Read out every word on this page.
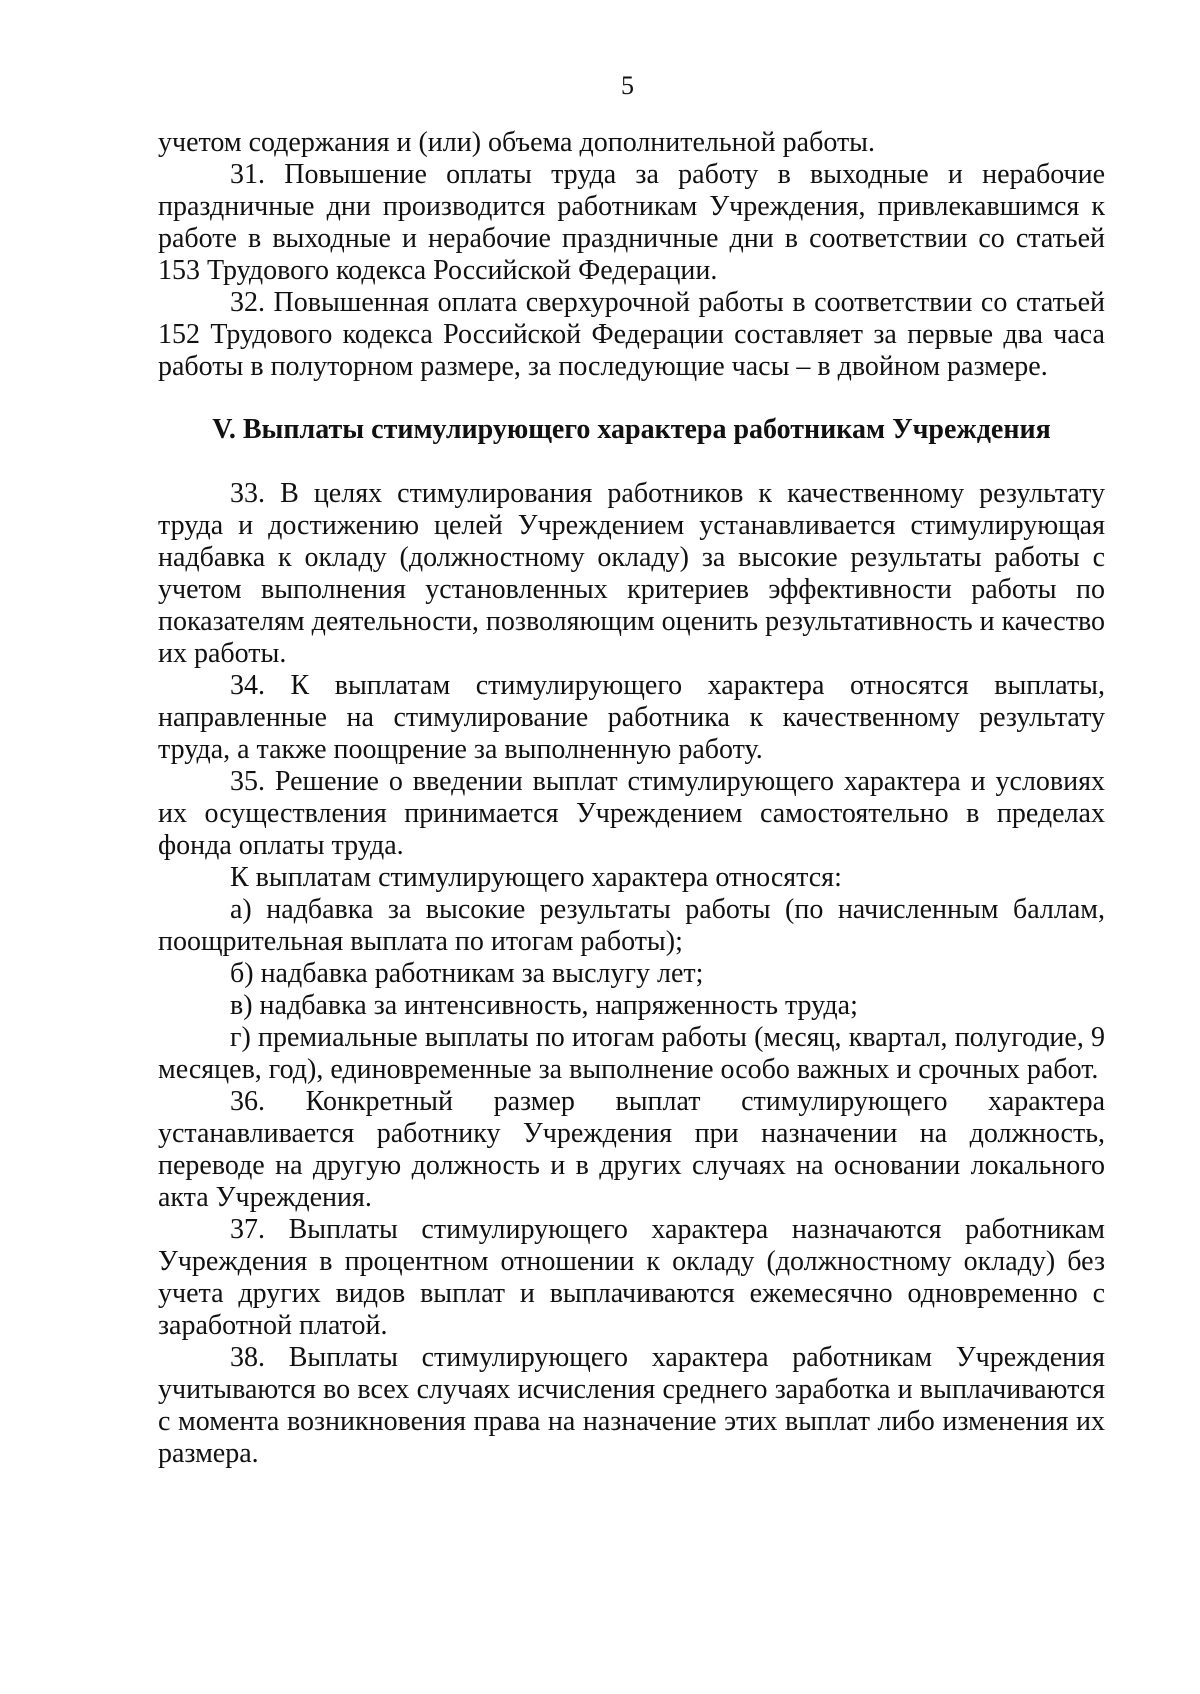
5

учетом содержания и (или) объема дополнительной работы.

31. Повышение оплаты труда за работу в выходные и нерабочие праздничные дни производится работникам Учреждения, привлекавшимся к работе в выходные и нерабочие праздничные дни в соответствии со статьей 153 Трудового кодекса Российской Федерации.

32. Повышенная оплата сверхурочной работы в соответствии со статьей 152 Трудового кодекса Российской Федерации составляет за первые два часа работы в полуторном размере, за последующие часы – в двойном размере.

V. Выплаты стимулирующего характера работникам Учреждения

33. В целях стимулирования работников к качественному результату труда и достижению целей Учреждением устанавливается стимулирующая надбавка к окладу (должностному окладу) за высокие результаты работы с учетом выполнения установленных критериев эффективности работы по показателям деятельности, позволяющим оценить результативность и качество их работы.

34. К выплатам стимулирующего характера относятся выплаты, направленные на стимулирование работника к качественному результату труда, а также поощрение за выполненную работу.

35. Решение о введении выплат стимулирующего характера и условиях их осуществления принимается Учреждением самостоятельно в пределах фонда оплаты труда.

К выплатам стимулирующего характера относятся:

а) надбавка за высокие результаты работы (по начисленным баллам, поощрительная выплата по итогам работы);

б) надбавка работникам за выслугу лет;

в) надбавка за интенсивность, напряженность труда;

г) премиальные выплаты по итогам работы (месяц, квартал, полугодие, 9 месяцев, год), единовременные за выполнение особо важных и срочных работ.

36. Конкретный размер выплат стимулирующего характера устанавливается работнику Учреждения при назначении на должность, переводе на другую должность и в других случаях на основании локального акта Учреждения.

37. Выплаты стимулирующего характера назначаются работникам Учреждения в процентном отношении к окладу (должностному окладу) без учета других видов выплат и выплачиваются ежемесячно одновременно с заработной платой.

38. Выплаты стимулирующего характера работникам Учреждения учитываются во всех случаях исчисления среднего заработка и выплачиваются с момента возникновения права на назначение этих выплат либо изменения их размера.
